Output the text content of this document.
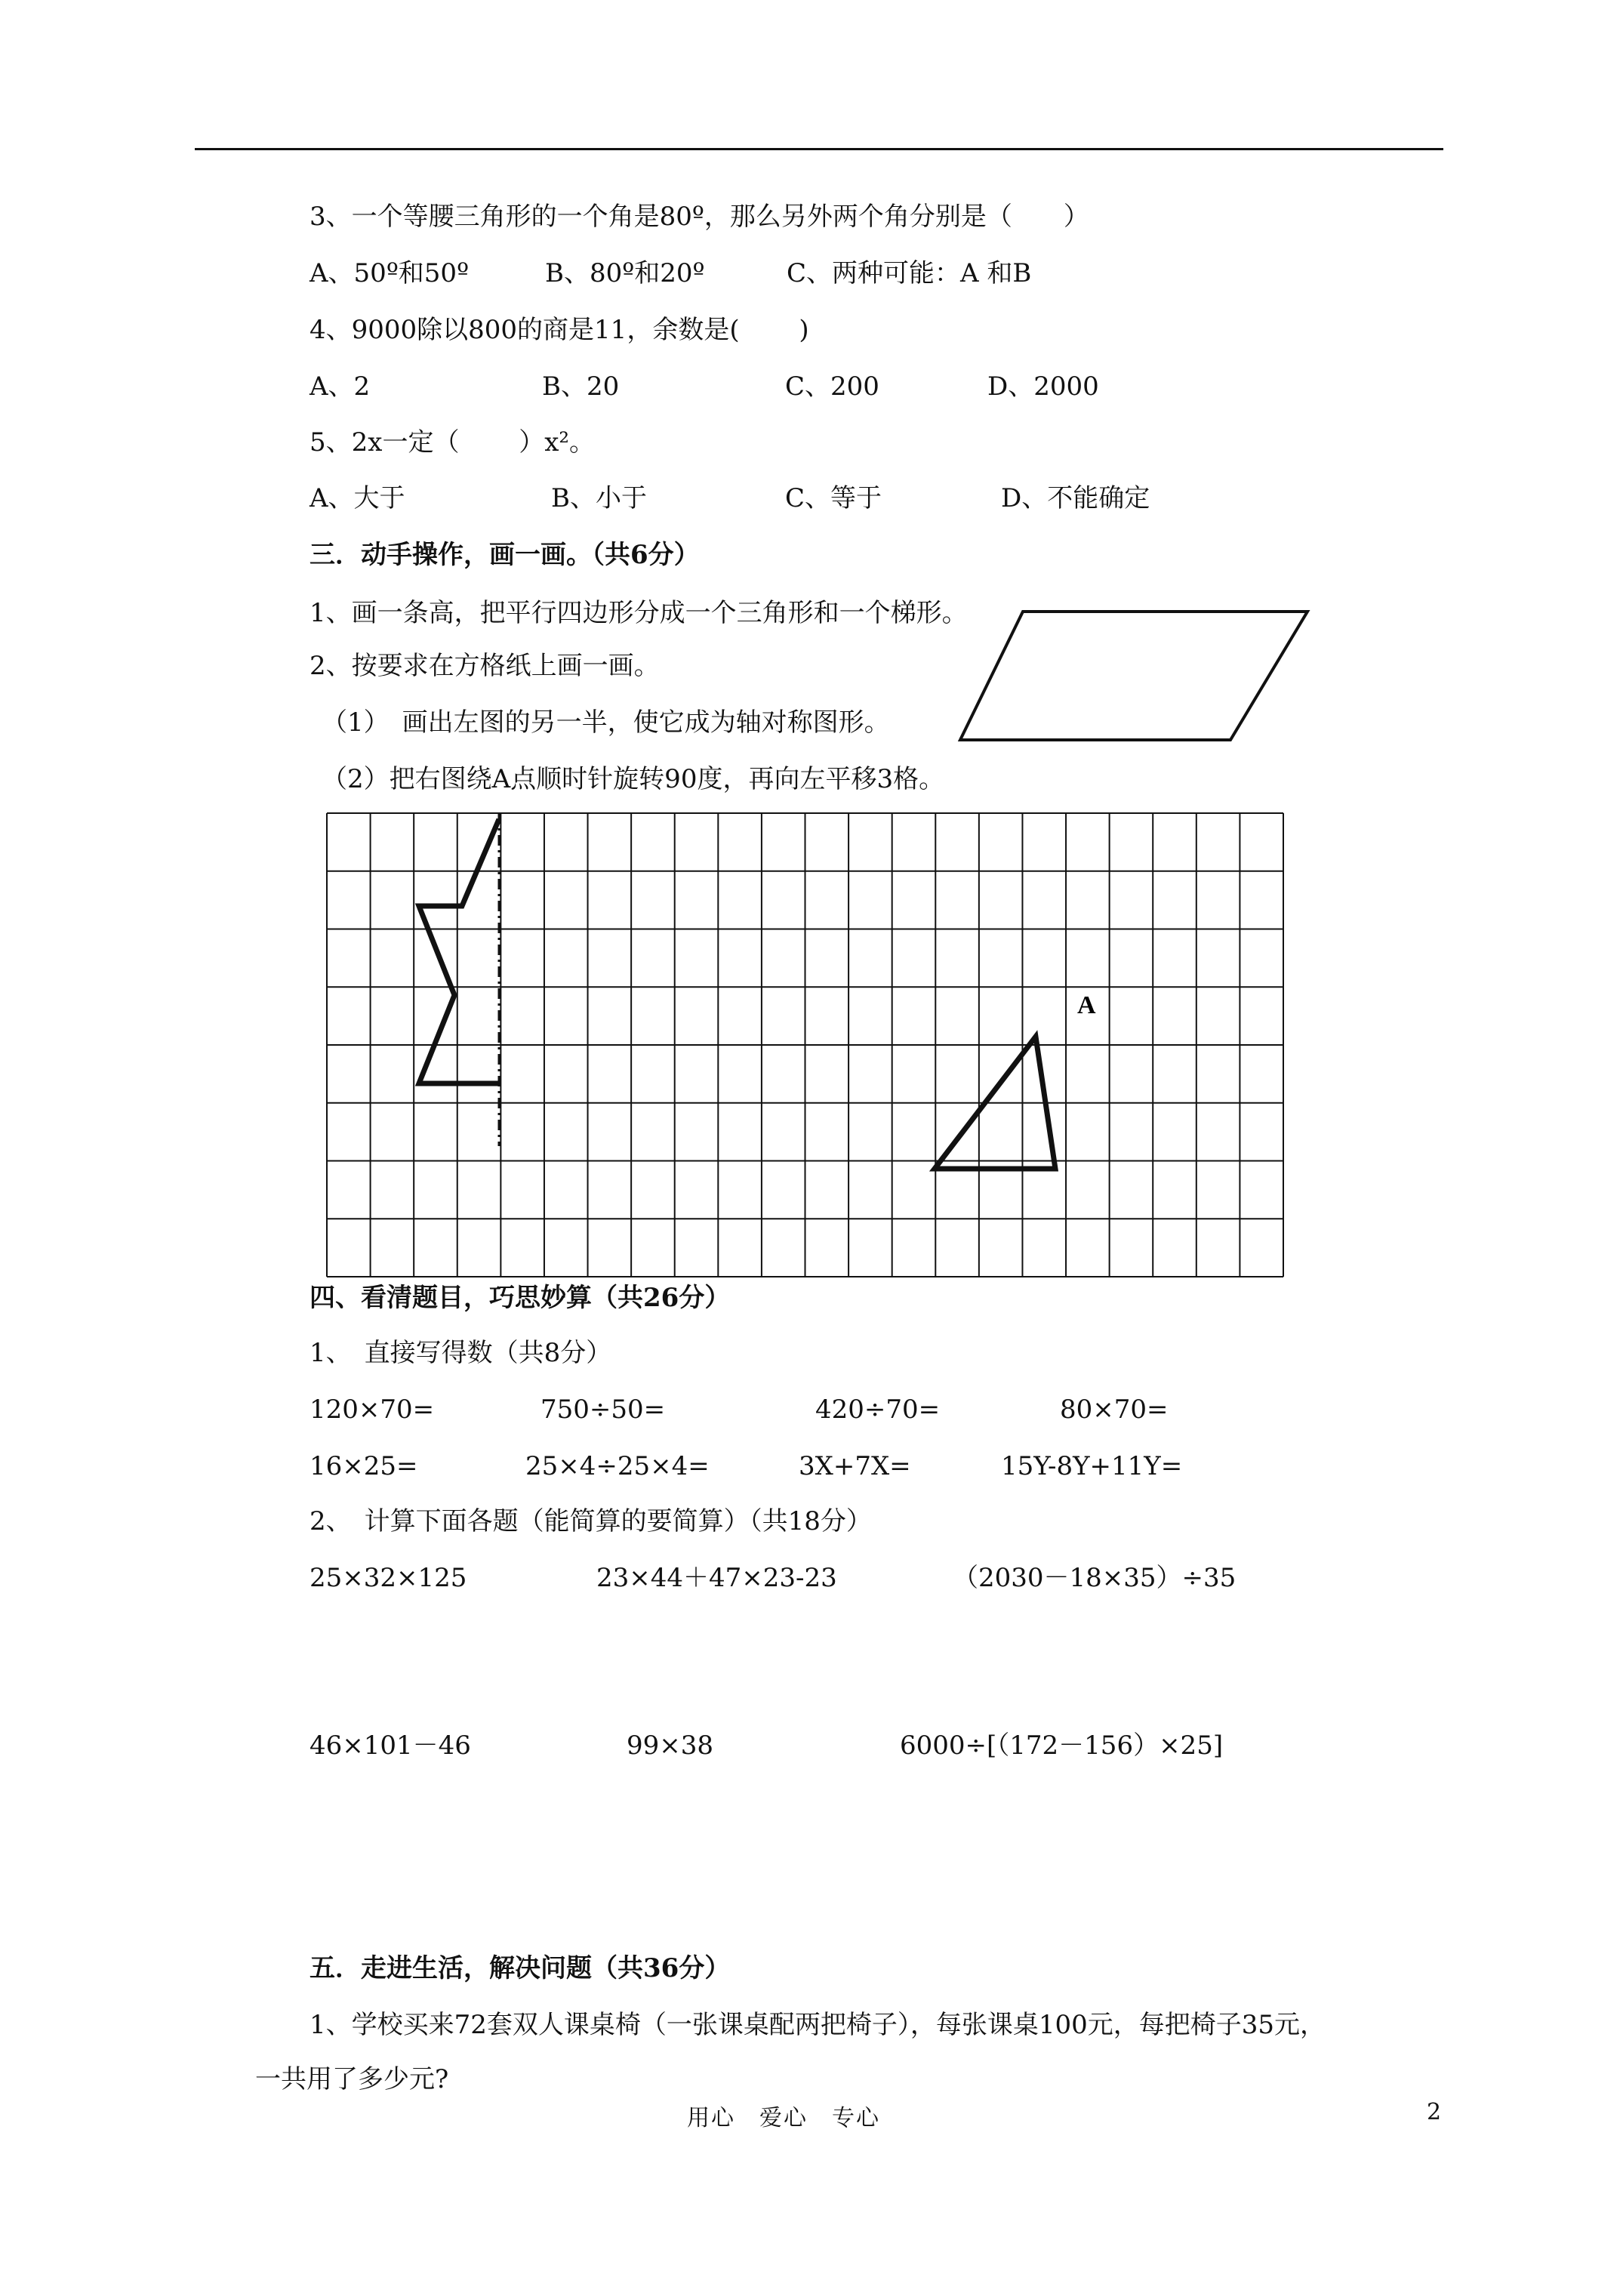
3、一个等腰三角形的一个角是80º，那么另外两个角分别是（　　）
A、50º和50º	B、80º和20º	C、两种可能：A 和B
4、9000除以800的商是11，余数是(　　 )
A、2	B、20	C、200	D、2000
5、2x一定（　　 ）x²。
A、大于	B、小于	C、等于	D、不能确定
三．动手操作，画一画。（共6分）
1、画一条高，把平行四边形分成一个三角形和一个梯形。
2、按要求在方格纸上画一画。
（1）　画出左图的另一半，使它成为轴对称图形。
（2）把右图绕A点顺时针旋转90度，再向左平移3格。
A
四、看清题目，巧思妙算（共26分）
1、　直接写得数（共8分）
120×70=	750÷50=	420÷70=	80×70=
16×25=	25×4÷25×4=	3X+7X=	15Y-8Y+11Y=
2、　计算下面各题（能简算的要简算）（共18分）
25×32×125	23×44＋47×23-23	（2030－18×35）÷35
46×101－46	99×38	6000÷[（172－156）×25]
五．走进生活，解决问题（共36分）
1、学校买来72套双人课桌椅（一张课桌配两把椅子），每张课桌100元，每把椅子35元，
一共用了多少元?
用心　爱心　专心	2
